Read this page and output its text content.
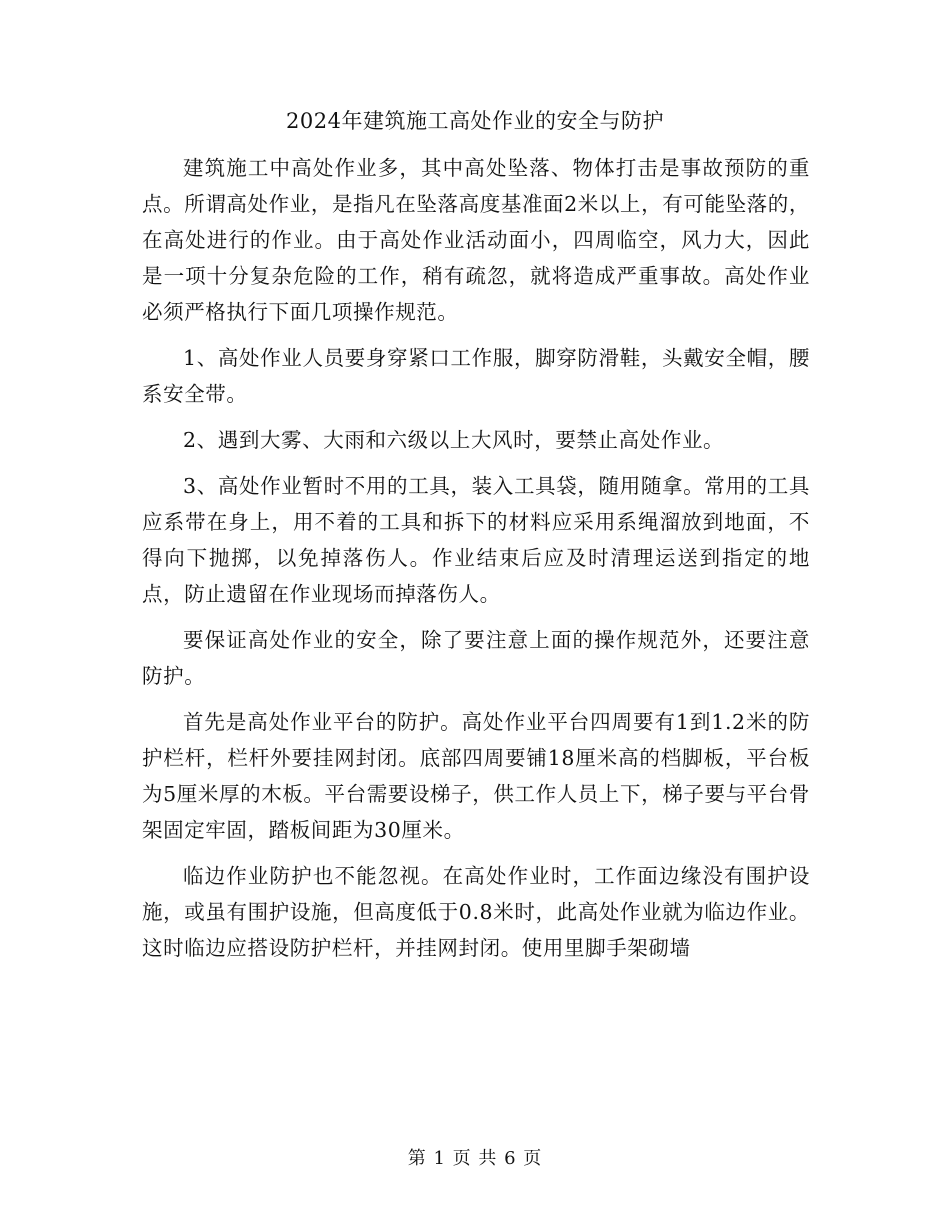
2024年建筑施工高处作业的安全与防护

建筑施工中高处作业多，其中高处坠落、物体打击是事故预防的重点。所谓高处作业，是指凡在坠落高度基准面2米以上，有可能坠落的，在高处进行的作业。由于高处作业活动面小，四周临空，风力大，因此是一项十分复杂危险的工作，稍有疏忽，就将造成严重事故。高处作业必须严格执行下面几项操作规范。

1、高处作业人员要身穿紧口工作服，脚穿防滑鞋，头戴安全帽，腰系安全带。

2、遇到大雾、大雨和六级以上大风时，要禁止高处作业。

3、高处作业暂时不用的工具，装入工具袋，随用随拿。常用的工具应系带在身上，用不着的工具和拆下的材料应采用系绳溜放到地面，不得向下抛掷，以免掉落伤人。作业结束后应及时清理运送到指定的地点，防止遗留在作业现场而掉落伤人。

要保证高处作业的安全，除了要注意上面的操作规范外，还要注意防护。

首先是高处作业平台的防护。高处作业平台四周要有1到1.2米的防护栏杆，栏杆外要挂网封闭。底部四周要铺18厘米高的档脚板，平台板为5厘米厚的木板。平台需要设梯子，供工作人员上下，梯子要与平台骨架固定牢固，踏板间距为30厘米。

临边作业防护也不能忽视。在高处作业时，工作面边缘没有围护设施，或虽有围护设施，但高度低于0.8米时，此高处作业就为临边作业。这时临边应搭设防护栏杆，并挂网封闭。使用里脚手架砌墙

第 1 页 共 6 页
